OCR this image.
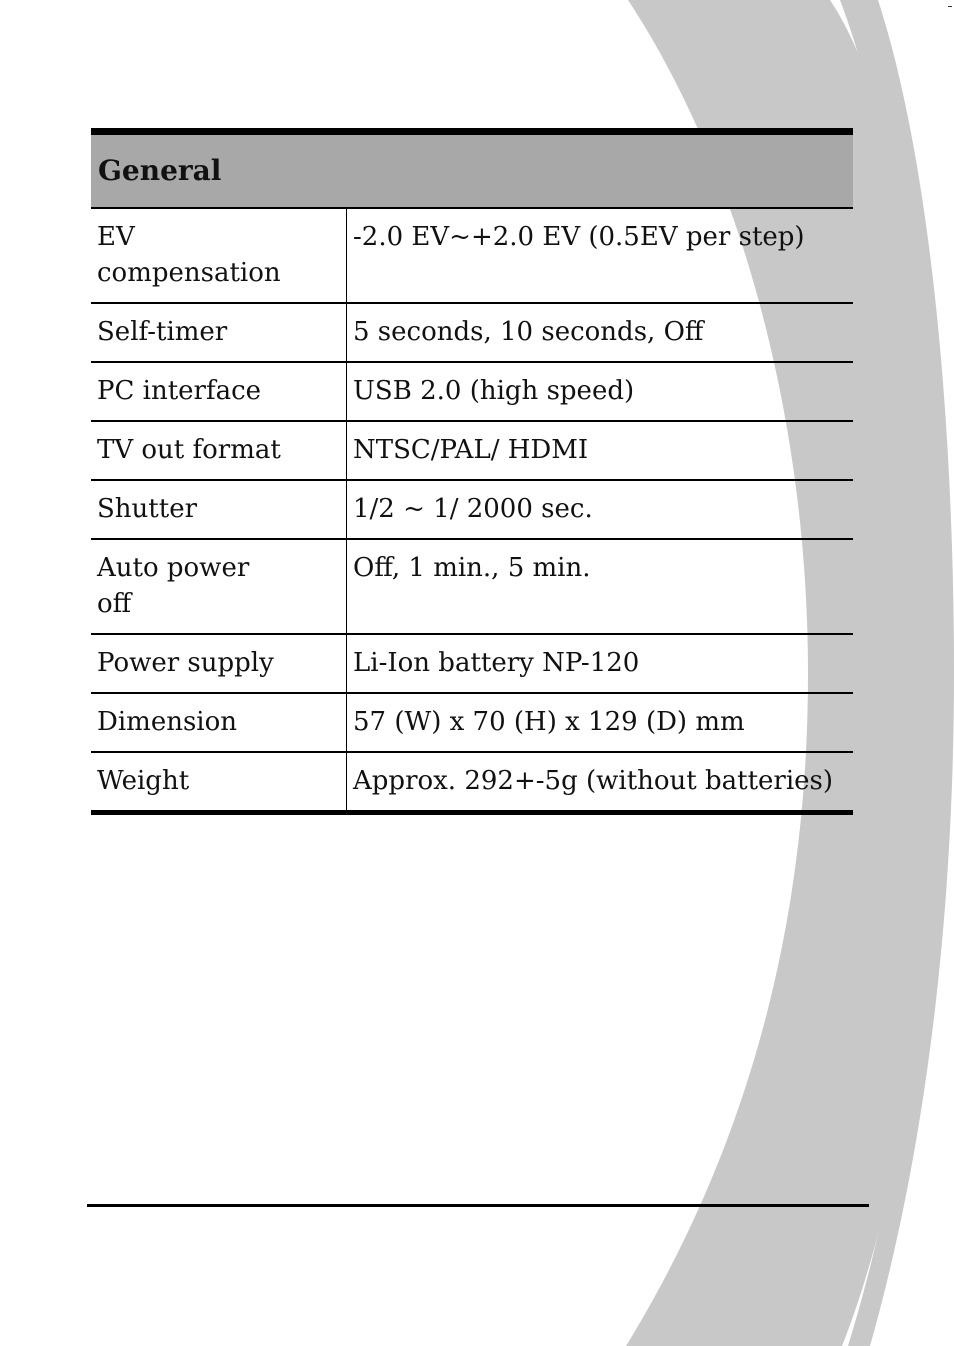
General	
EV compensation	-2.0 EV~+2.0 EV (0.5EV per step)
Self-timer	5 seconds, 10 seconds, Off
PC interface	USB 2.0 (high speed)
TV out format	NTSC/PAL/ HDMI
Shutter	1/2 ~ 1/ 2000 sec.
Auto power off	Off, 1 min., 5 min.
Power supply	Li-Ion battery NP-120
Dimension	57 (W) x 70 (H) x 129 (D) mm
Weight	Approx. 292+-5g (without batteries)
